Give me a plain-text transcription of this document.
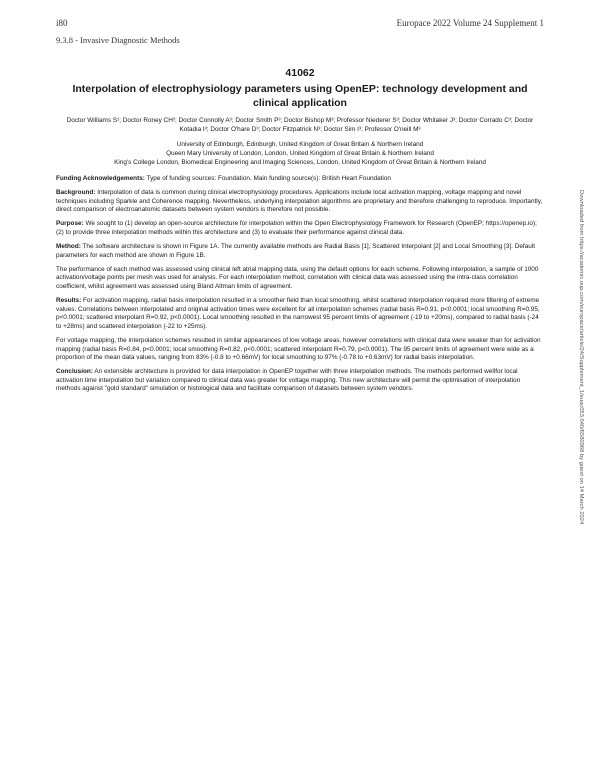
i80	Europace 2022 Volume 24 Supplement 1
9.3.8 - Invasive Diagnostic Methods
41062
Interpolation of electrophysiology parameters using OpenEP: technology development and clinical application
Doctor Williams S¹; Doctor Roney CH²; Doctor Connolly A³; Doctor Smith P³; Doctor Bishop M³; Professor Niederer S³; Doctor Whitaker J³; Doctor Corrado C³; Doctor Kotadia I³; Doctor O'hare D³; Doctor Fitzpatrick N³; Doctor Sim I³; Professor O'neill M³
University of Edinburgh, Edinburgh, United Kingdom of Great Britain & Northern Ireland
Queen Mary University of London, London, United Kingdom of Great Britain & Northern Ireland
King's College London, Biomedical Engineering and Imaging Sciences, London, United Kingdom of Great Britain & Northern Ireland

Funding Acknowledgements: Type of funding sources: Foundation. Main funding source(s): British Heart Foundation

Background: Interpolation of data is common during clinical electrophysiology procedures. Applications include local activation mapping, voltage mapping and novel techniques including Sparkle and Coherence mapping. Nevertheless, underlying interpolation algorithms are proprietary and therefore challenging to reproduce. Importantly, direct comparison of electroanatomic datasets between system vendors is therefore not possible.

Purpose: We sought to (1) develop an open-source architecture for interpolation within the Open Electrophysiology Framework for Research (OpenEP; https://openep.io); (2) to provide three interpolation methods within this architecture and (3) to evaluate their performance against clinical data.

Method: The software architecture is shown in Figure 1A. The currently available methods are Radial Basis [1], Scattered Interpolant [2] and Local Smoothing [3]. Default parameters for each method are shown in Figure 1B.

The performance of each method was assessed using clinical left atrial mapping data, using the default options for each scheme. Following interpolation, a sample of 1000 activation/voltage points per mesh was used for analysis. For each interpolation method, correlation with clinical data was assessed using the intra-class correlation coefficient, whilst agreement was assessed using Bland Altman limits of agreement.

Results: For activation mapping, radial basis interpolation resulted in a smoother field than local smoothing, whilst scattered interpolation required more filtering of extreme values. Correlations between interpolated and original activation times were excellent for all interpolation schemes (radial basis R=0.91, p<0.0001; local smoothing R=0.95, p<0.0001; scattered interpolant R=0.92, p<0.0001). Local smoothing resulted in the narrowest 95 percent limits of agreement (-19 to +20ms), compared to radial basis (-24 to +28ms) and scattered interpolation (-22 to +25ms).

For voltage mapping, the interpolation schemes resulted in similar appearances of low voltage areas, however correlations with clinical data were weaker than for activation mapping (radial basis R=0.84, p<0.0001; local smoothing R=0.82, p<0.0001; scattered interpolant R=0.79, p<0.0001). The 95 percent limits of agreement were wide as a proportion of the mean data values, ranging from 83% (-0.8 to +0.66mV) for local smoothing to 97% (-0.78 to +0.63mV) for radial basis interpolation.

Conclusion: An extensible architecture is provided for data interpolation in OpenEP together with three interpolation methods. The methods performed wellfor local activation time interpolation but variation compared to clinical data was greater for voltage mapping. This new architecture will permit the optimisation of interpolation methods against "gold standard" simulation or histological data and facilitate comparison of datasets between system vendors.	Downloaded from https://academic.oup.com/europace/article/24/Supplement_1/euac053.040/6580968 by guest on 14 March 2024
